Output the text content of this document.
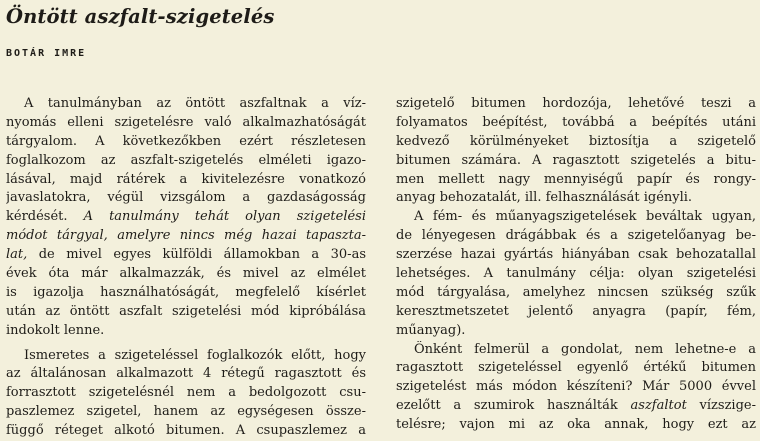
Öntött aszfalt-szigetelés
BOTÁR IMRE
A tanulmányban az öntött aszfaltnak a víz-
nyomás elleni szigetelésre való alkalmazhatóságát
tárgyalom. A következőkben ezért részletesen
foglalkozom az aszfalt-szigetelés elméleti igazo-
lásával, majd rátérek a kivitelezésre vonatkozó
javaslatokra, végül vizsgálom a gazdaságosság
kérdését. A tanulmány tehát olyan szigetelési
módot tárgyal, amelyre nincs még hazai tapaszta-
lat, de mivel egyes külföldi államokban a 30-as
évek óta már alkalmazzák, és mivel az elmélet
is igazolja használhatóságát, megfelelő kísérlet
után az öntött aszfalt szigetelési mód kipróbálása
indokolt lenne.
Ismeretes a szigeteléssel foglalkozók előtt, hogy
az általánosan alkalmazott 4 rétegű ragasztott és
forrasztott szigetelésnél nem a bedolgozott csu-
paszlemez szigetel, hanem az egységesen össze-
függő réteget alkotó bitumen. A csupaszlemez a
szigetelő bitumen hordozója, lehetővé teszi a
folyamatos beépítést, továbbá a beépítés utáni
kedvező körülményeket biztosítja a szigetelő
bitumen számára. A ragasztott szigetelés a bitu-
men mellett nagy mennyiségű papír és rongy-
anyag behozatalát, ill. felhasználását igényli.
A fém- és műanyagszigetelések beváltak ugyan,
de lényegesen drágábbak és a szigetelőanyag be-
szerzése hazai gyártás hiányában csak behozatallal
lehetséges. A tanulmány célja: olyan szigetelési
mód tárgyalása, amelyhez nincsen szükség szűk
keresztmetszetet jelentő anyagra (papír, fém,
műanyag).
Önként felmerül a gondolat, nem lehetne-e a
ragasztott szigeteléssel egyenlő értékű bitumen
szigetelést más módon készíteni? Már 5000 évvel
ezelőtt a szumirok használták aszfaltot vízszige-
telésre; vajon mi az oka annak, hogy ezt az
